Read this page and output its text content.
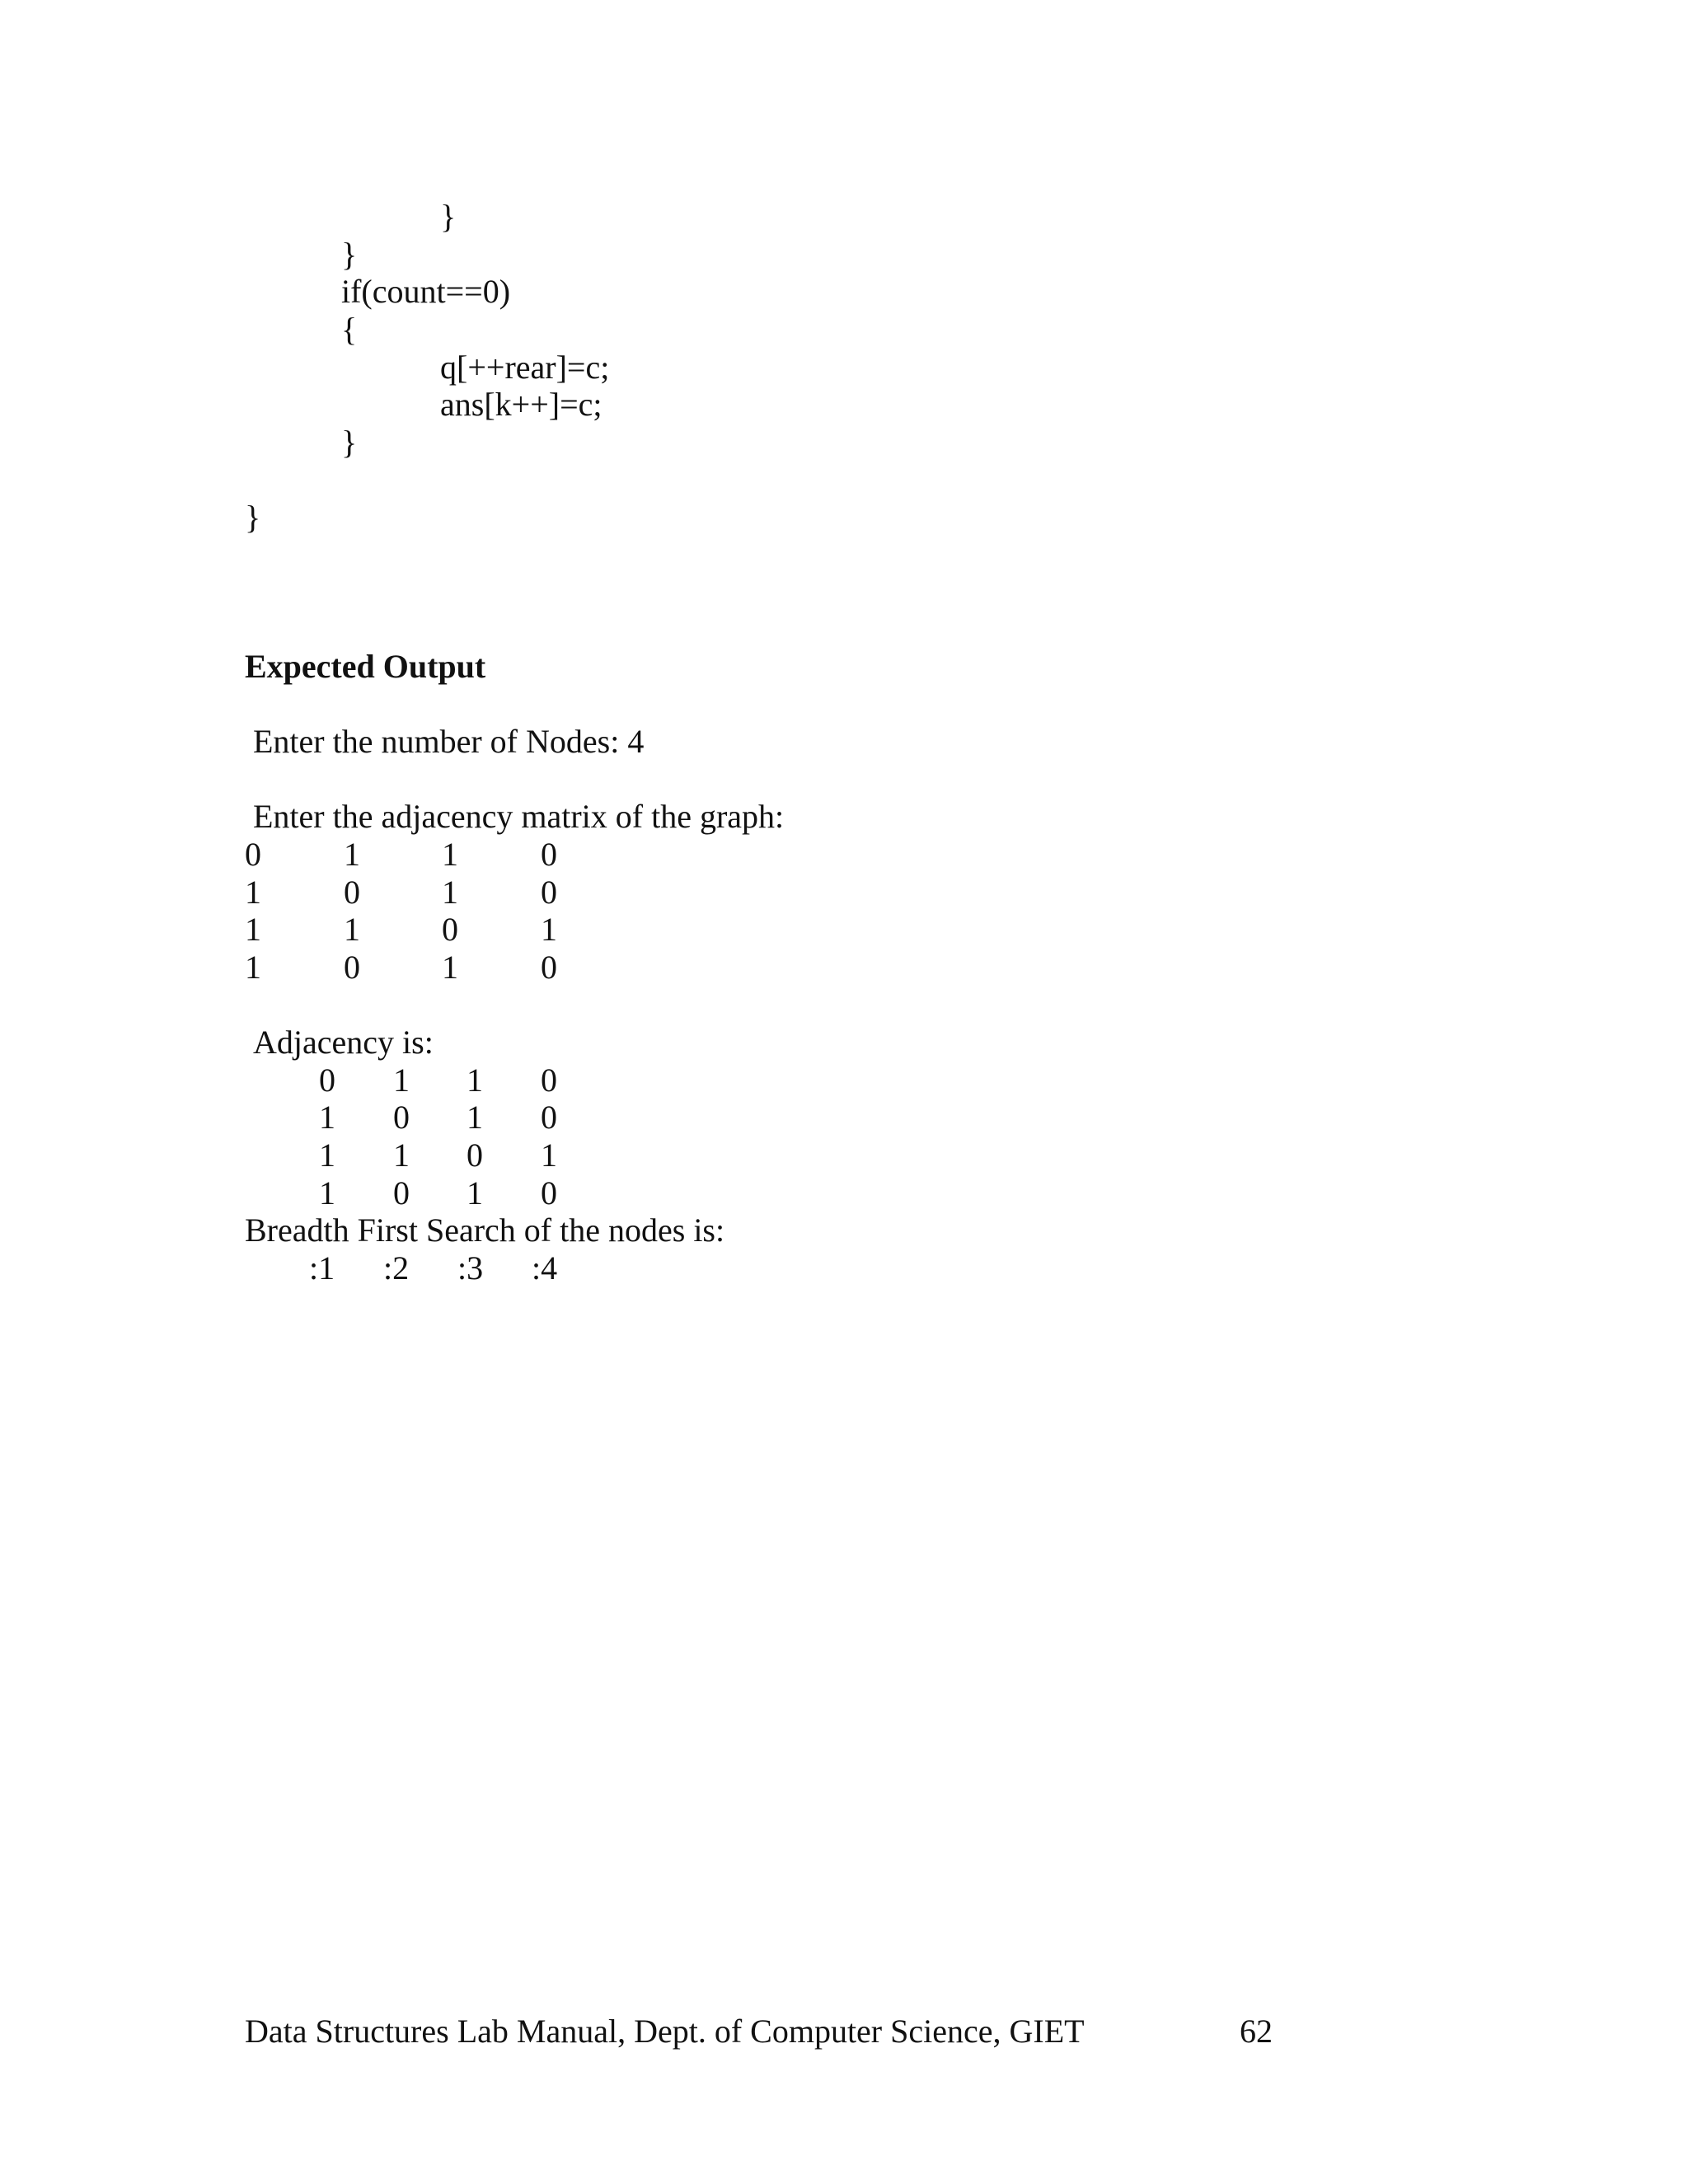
}
}
if(count==0)
{
q[++rear]=c;
ans[k++]=c;
}
}
Expected Output
Enter the number of Nodes: 4
Enter the adjacency matrix of the graph:
0	1 1	0
1	0 1	0
1	1 0	1
1	0 1	0
Adjacency is:
0 1 1 0
1 0 1 0
1 1 0 1
1 0 1 0
Breadth First Search of the nodes is:
:1 :2 :3 :4
Data Structures Lab Manual, Dept. of Computer Science, GIET	62
